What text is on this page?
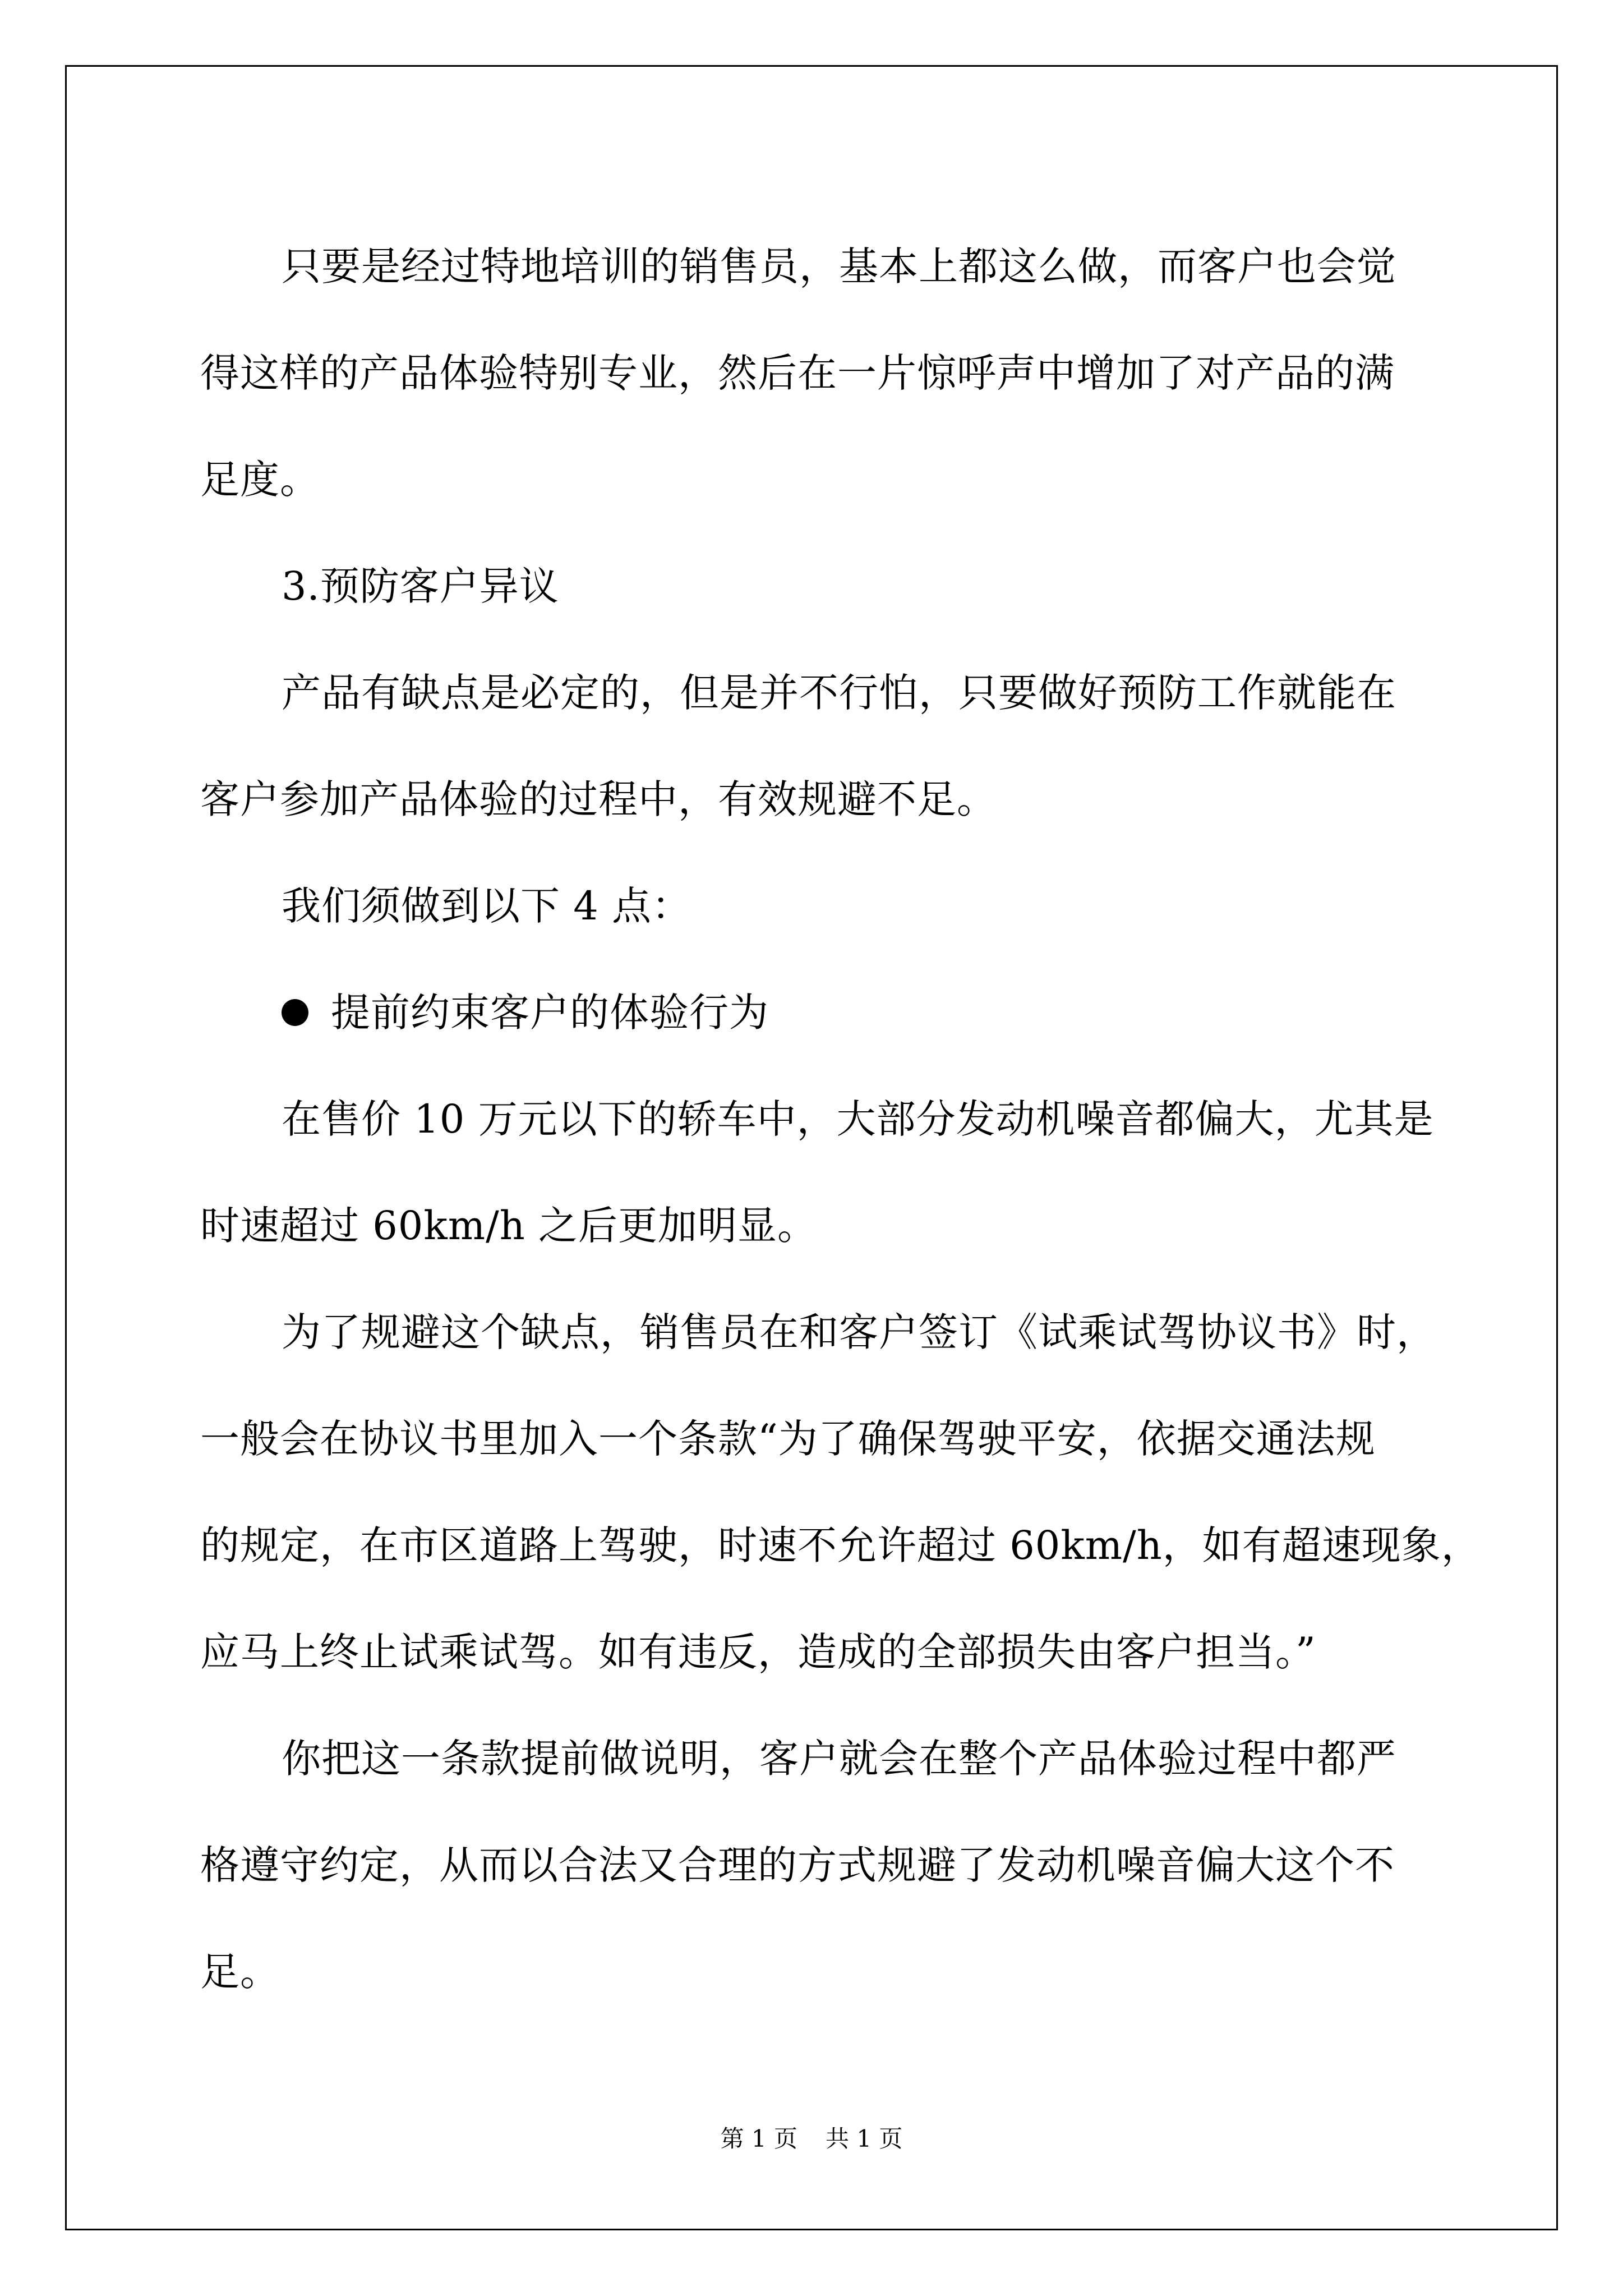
只要是经过特地培训的销售员，基本上都这么做，而客户也会觉
得这样的产品体验特别专业，然后在一片惊呼声中增加了对产品的满
足度。

3.预防客户异议

产品有缺点是必定的，但是并不行怕，只要做好预防工作就能在
客户参加产品体验的过程中，有效规避不足。

我们须做到以下 4 点：

提前约束客户的体验行为

在售价 10 万元以下的轿车中，大部分发动机噪音都偏大，尤其是
时速超过 60km/h 之后更加明显。

为了规避这个缺点，销售员在和客户签订《试乘试驾协议书》时，
一般会在协议书里加入一个条款“为了确保驾驶平安，依据交通法规
的规定，在市区道路上驾驶，时速不允许超过 60km/h，如有超速现象，
应马上终止试乘试驾。如有违反，造成的全部损失由客户担当。”

你把这一条款提前做说明，客户就会在整个产品体验过程中都严
格遵守约定，从而以合法又合理的方式规避了发动机噪音偏大这个不
足。

第 1 页 共 1 页
